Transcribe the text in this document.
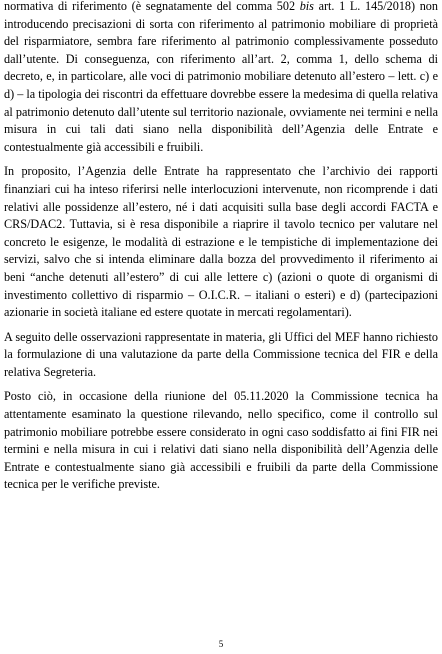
normativa di riferimento (è segnatamente del comma 502 bis art. 1 L. 145/2018) non introducendo precisazioni di sorta con riferimento al patrimonio mobiliare di proprietà del risparmiatore, sembra fare riferimento al patrimonio complessivamente posseduto dall’utente. Di conseguenza, con riferimento all’art. 2, comma 1, dello schema di decreto, e, in particolare, alle voci di patrimonio mobiliare detenuto all’estero – lett. c) e d) – la tipologia dei riscontri da effettuare dovrebbe essere la medesima di quella relativa al patrimonio detenuto dall’utente sul territorio nazionale, ovviamente nei termini e nella misura in cui tali dati siano nella disponibilità dell’Agenzia delle Entrate e contestualmente già accessibili e fruibili.

In proposito, l’Agenzia delle Entrate ha rappresentato che l’archivio dei rapporti finanziari cui ha inteso riferirsi nelle interlocuzioni intervenute, non ricomprende i dati relativi alle possidenze all’estero, né i dati acquisiti sulla base degli accordi FACTA e CRS/DAC2. Tuttavia, si è resa disponibile a riaprire il tavolo tecnico per valutare nel concreto le esigenze, le modalità di estrazione e le tempistiche di implementazione dei servizi, salvo che si intenda eliminare dalla bozza del provvedimento il riferimento ai beni “anche detenuti all’estero” di cui alle lettere c) (azioni o quote di organismi di investimento collettivo di risparmio – O.I.C.R. – italiani o esteri) e d) (partecipazioni azionarie in società italiane ed estere quotate in mercati regolamentari).

A seguito delle osservazioni rappresentate in materia, gli Uffici del MEF hanno richiesto la formulazione di una valutazione da parte della Commissione tecnica del FIR e della relativa Segreteria.

Posto ciò, in occasione della riunione del 05.11.2020 la Commissione tecnica ha attentamente esaminato la questione rilevando, nello specifico, come il controllo sul patrimonio mobiliare potrebbe essere considerato in ogni caso soddisfatto ai fini FIR nei termini e nella misura in cui i relativi dati siano nella disponibilità dell’Agenzia delle Entrate e contestualmente siano già accessibili e fruibili da parte della Commissione tecnica per le verifiche previste.

5
